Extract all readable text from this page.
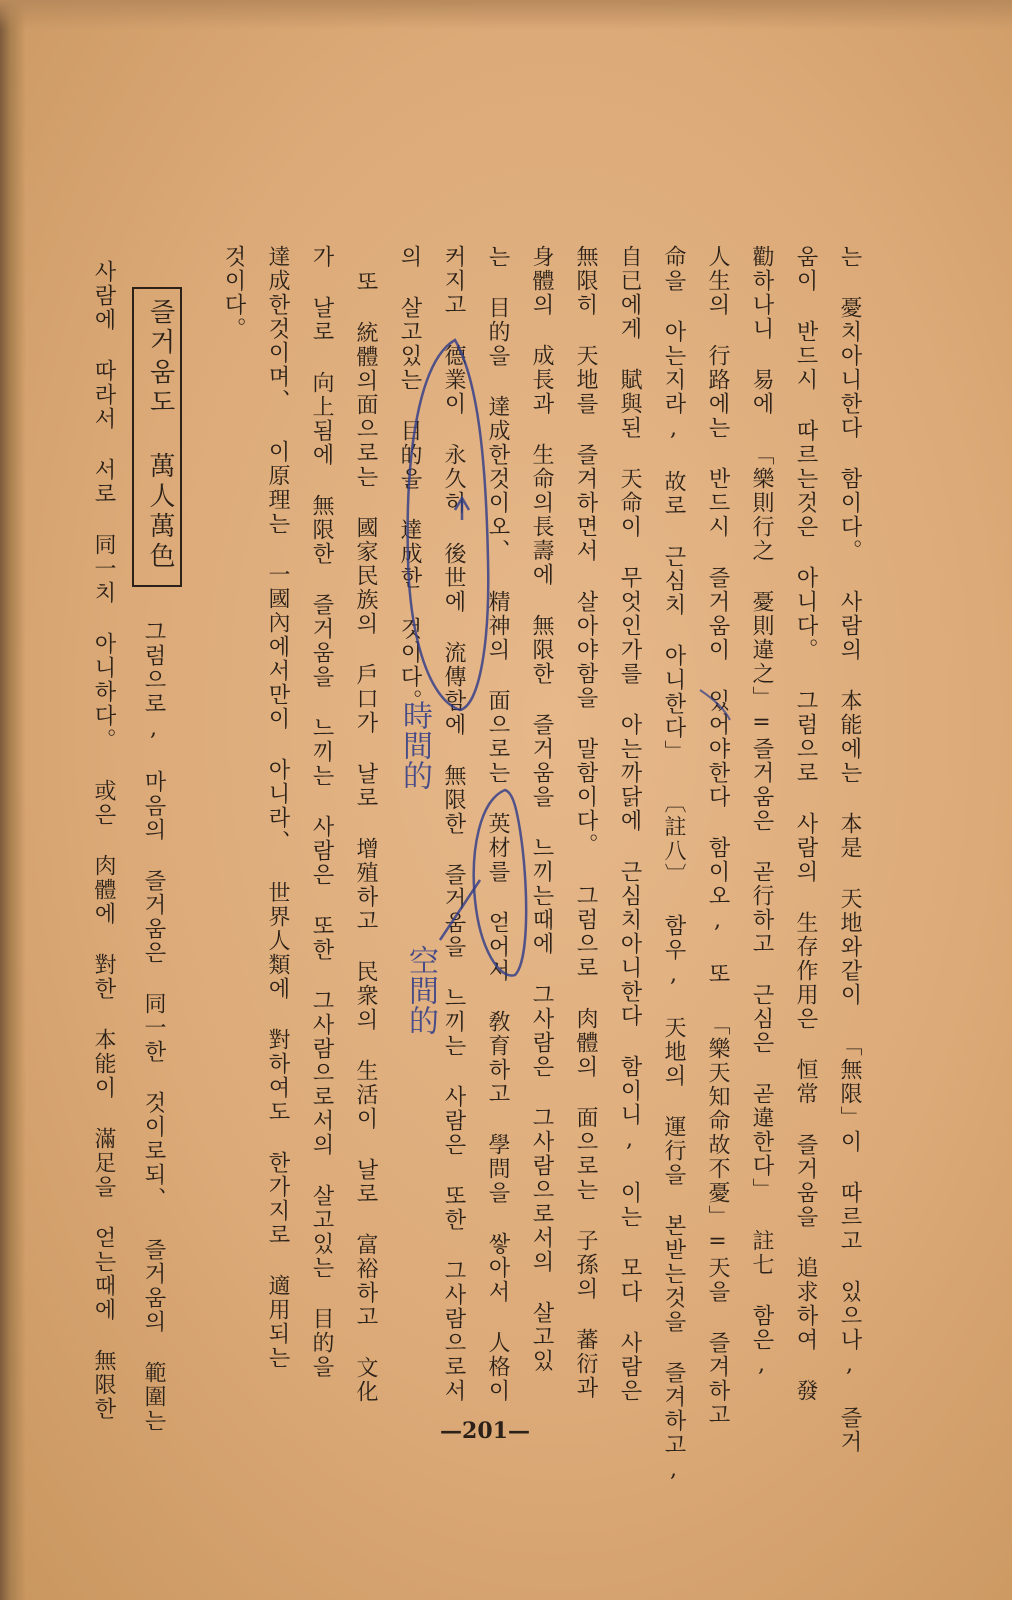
는 憂치아니한다 함이다。 사람의 本能에는 本是 天地와같이 「無限」이 따르고 있으나, 즐거
움이 반드시 따르는것은 아니다。 그럼으로 사람의 生存作用은 恒常 즐거움을 追求하여 發
勸하나니 易에 「樂則行之 憂則違之」=즐거움은 곧行하고 근심은 곧違한다」 註七 함은,
人生의 行路에는 반드시 즐거움이 있어야한다 함이오, 또 「樂天知命故不憂」=天을 즐겨하고
命을 아는지라, 故로 근심치 아니한다」 〔註八〕 함우, 天地의 運行을 본받는것을 즐겨하고,
自已에게 賦與된 天命이 무엇인가를 아는까닭에 근심치아니한다 함이니, 이는 모다 사람은
無限히 天地를 즐겨하면서 살아야함을 말함이다。 그럼으로 肉體의 面으로는 子孫의 蕃衍과
身體의 成長과 生命의長壽에 無限한 즐거움을 느끼는때에 그사람은 그사람으로서의 살고있
는 目的을 達成한것이오、 精神의 面으로는 英材를 얻어서 敎育하고 學問을 쌓아서 人格이
커지고 德業이 永久히 後世에 流傳함에 無限한 즐거움을 느끼는 사람은 또한 그사람으로서
의 살고있는 目的을 達成한 것이다。
또 統體의面으로는 國家民族의 戶口가 날로 增殖하고 民衆의 生活이 날로 富裕하고 文化
가 날로 向上됨에 無限한 즐거움을 느끼는 사람은 또한 그사람으로서의 살고있는 目的을
達成한것이며、 이原理는 一國內에서만이 아니라、 世界人類에 對하여도 한가지로 適用되는
것이다。
즐거움도 萬人萬色
그럼으로, 마음의 즐거움은 同一한 것이로되、 즐거움의 範圍는
사람에 따라서 서로 同一치 아니하다。 或은 肉體에 對한 本能이 滿足을 얻는때에 無限한	時間的
空間的
—201—
